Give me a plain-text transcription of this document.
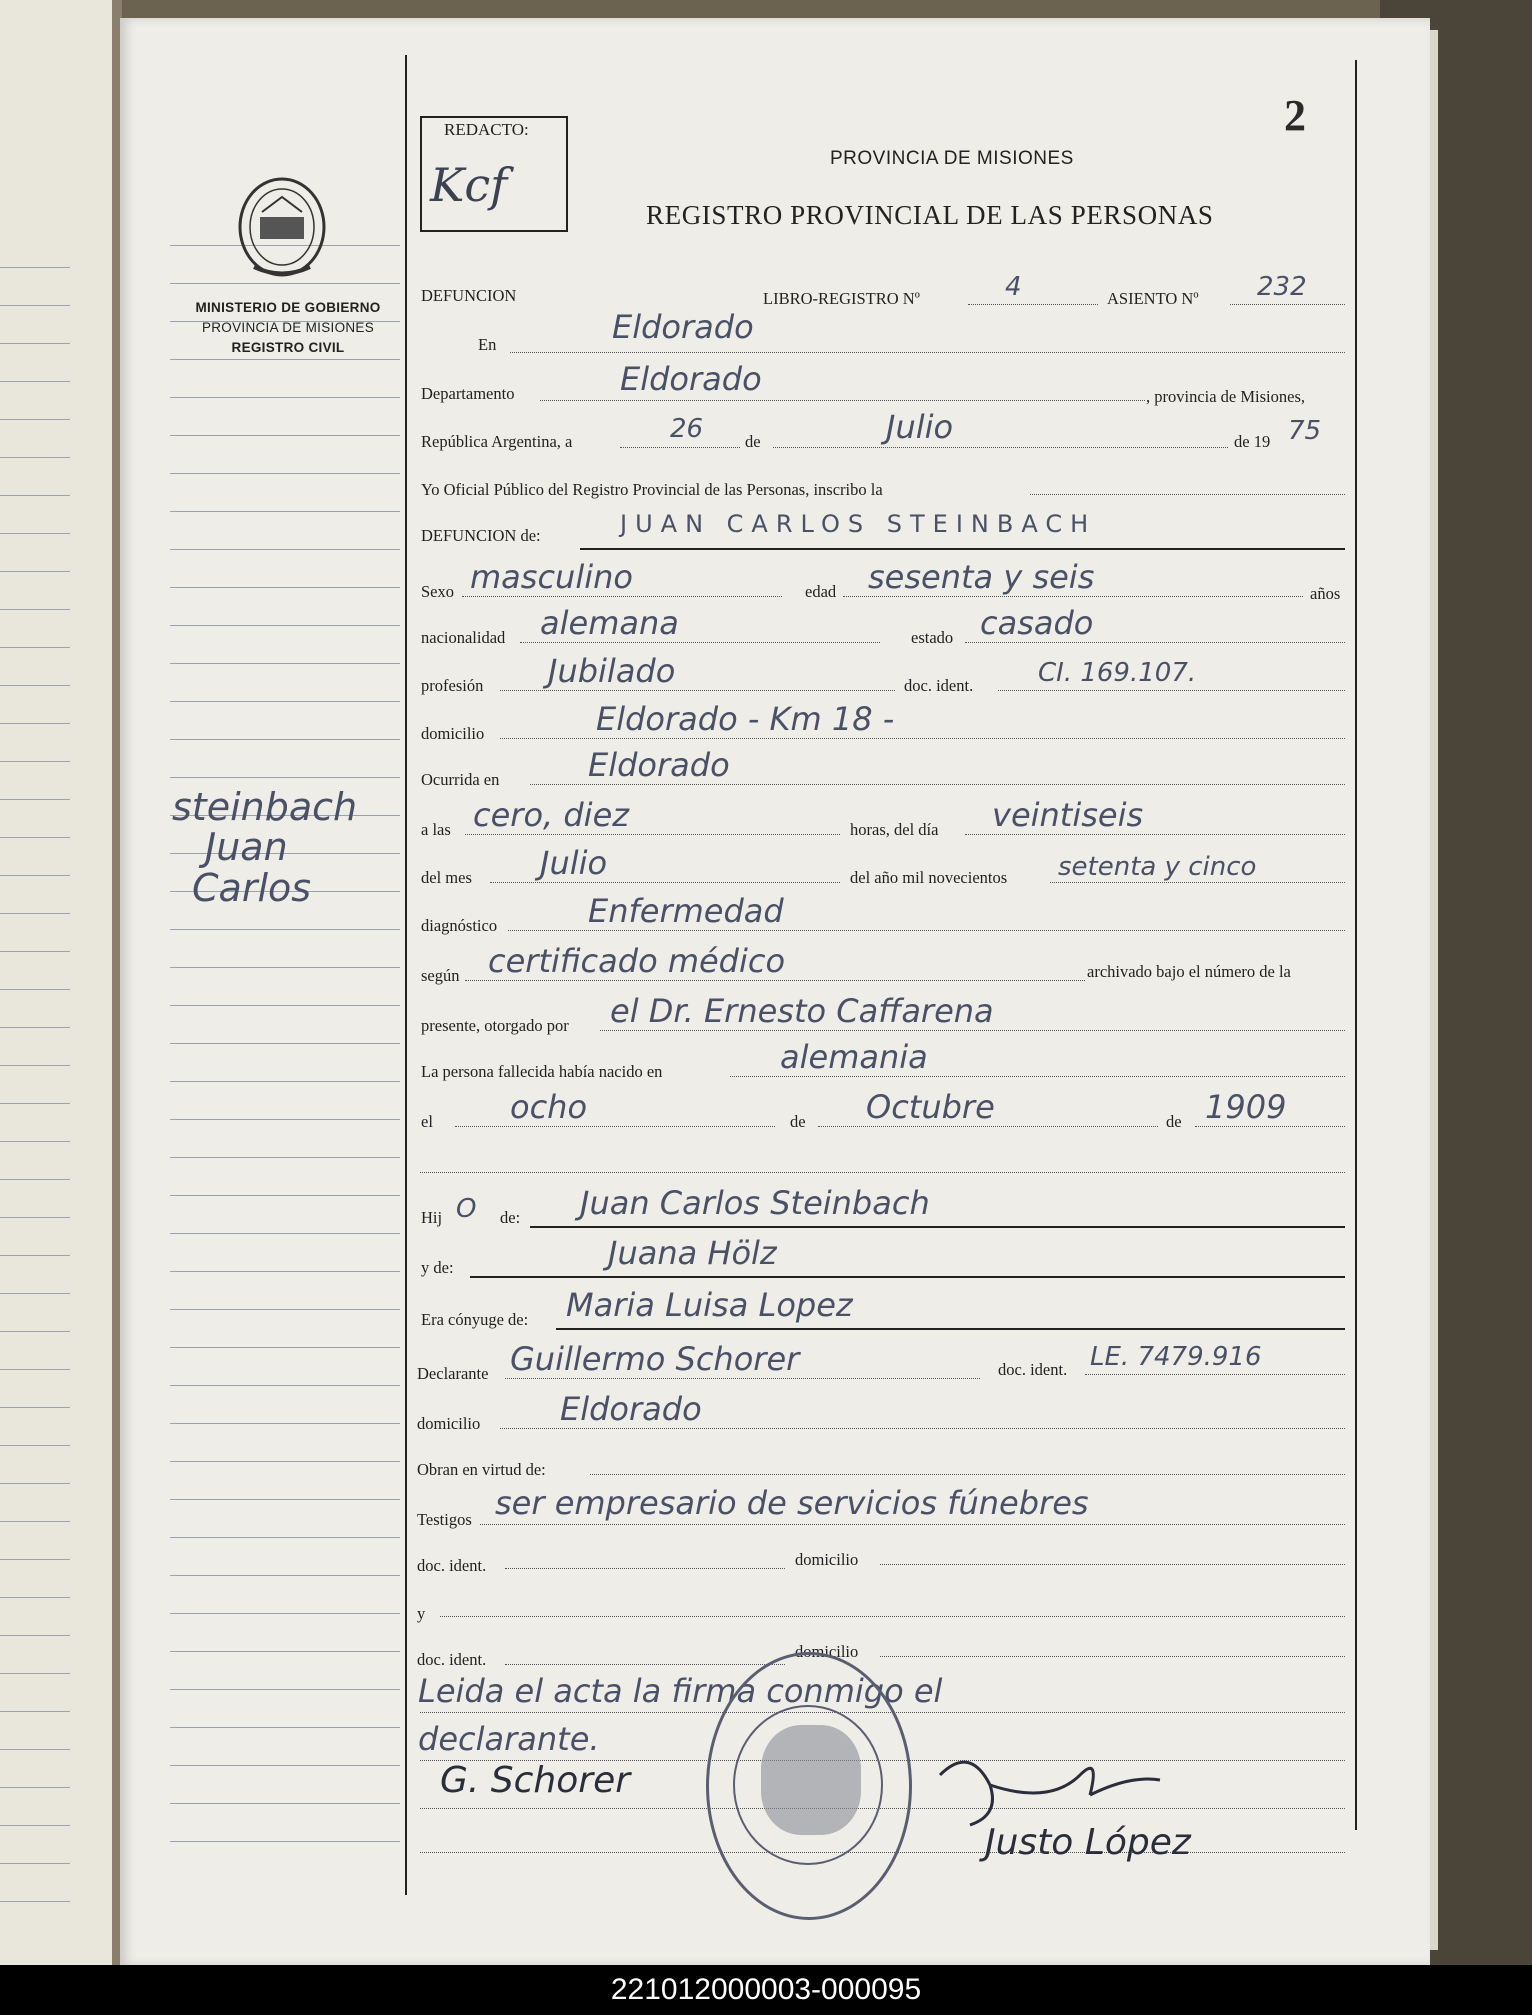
MINISTERIO DE GOBIERNO
PROVINCIA DE MISIONES
REGISTRO CIVIL
steinbach
Juan
Carlos
REDACTO:
Kcf
2
PROVINCIA DE MISIONES
REGISTRO PROVINCIAL DE LAS PERSONAS
DEFUNCION	LIBRO-REGISTRO Nº	4	ASIENTO Nº 232
En	Eldorado
Departamento	Eldorado	, provincia de Misiones,
República Argentina, a	26	de	Julio	de 19 75
Yo Oficial Público del Registro Provincial de las Personas, inscribo la
DEFUNCION de:	JUAN CARLOS STEINBACH
Sexo masculino	edad sesenta y seis	años
nacionalidad alemana	estado casado
profesión Jubilado	doc. ident. CI. 169.107.
domicilio	Eldorado - Km 18 -
Ocurrida en	Eldorado
a las cero, diez	horas, del día veintiseis
del mes Julio	del año mil novecientos setenta y cinco
diagnóstico	Enfermedad
según certificado médico	archivado bajo el número de la
presente, otorgado por el Dr. Ernesto Caffarena
La persona fallecida había nacido en	alemania
el ocho	de Octubre	de 1909
Hij O de: Juan Carlos Steinbach
y de:	Juana Hölz
Era cónyuge de: Maria Luisa Lopez
Declarante Guillermo Schorer	doc. ident. LE. 7479.916
domicilio Eldorado
Obran en virtud de:
Testigos ser empresario de servicios fúnebres
doc. ident.	domicilio
y
doc. ident.	domicilio
Leida el acta la firma conmigo el
declarante.
G. Schorer
Justo López
221012000003-000095
